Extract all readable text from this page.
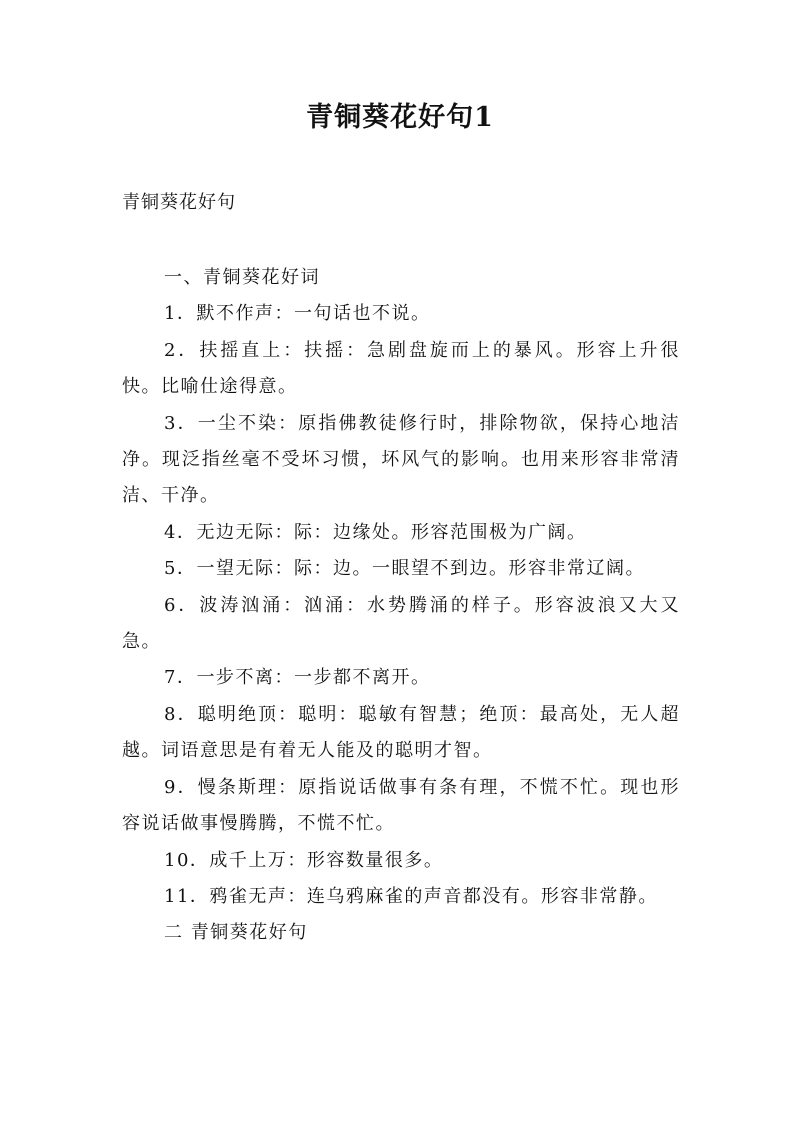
青铜葵花好句1
青铜葵花好句

一、青铜葵花好词

1．默不作声：一句话也不说。

2．扶摇直上：扶摇：急剧盘旋而上的暴风。形容上升很快。比喻仕途得意。

3．一尘不染：原指佛教徒修行时，排除物欲，保持心地洁净。现泛指丝毫不受坏习惯，坏风气的影响。也用来形容非常清洁、干净。

4．无边无际：际：边缘处。形容范围极为广阔。

5．一望无际：际：边。一眼望不到边。形容非常辽阔。

6．波涛汹涌：汹涌：水势腾涌的样子。形容波浪又大又急。

7．一步不离：一步都不离开。

8．聪明绝顶：聪明：聪敏有智慧；绝顶：最高处，无人超越。词语意思是有着无人能及的聪明才智。

9．慢条斯理：原指说话做事有条有理，不慌不忙。现也形容说话做事慢腾腾，不慌不忙。

10．成千上万：形容数量很多。

11．鸦雀无声：连乌鸦麻雀的声音都没有。形容非常静。

二 青铜葵花好句
